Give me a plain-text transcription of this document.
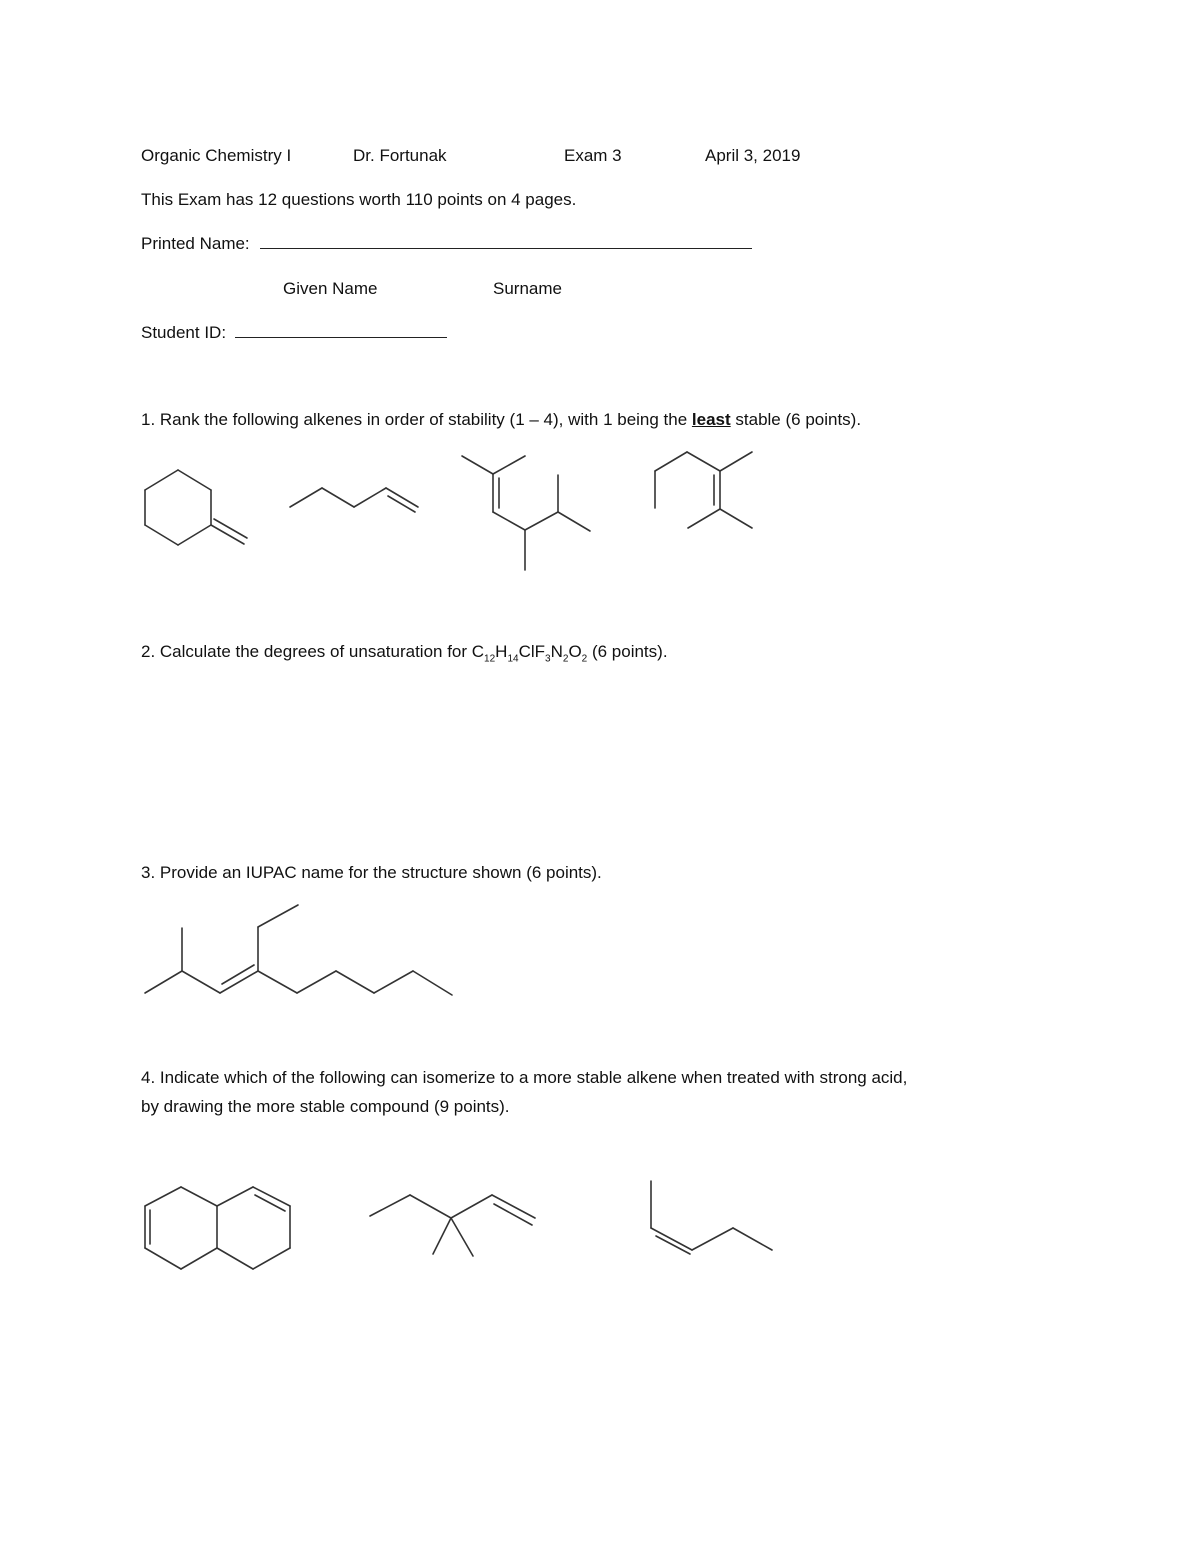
Organic Chemistry I	Dr. Fortunak	Exam 3	April 3, 2019
This Exam has 12 questions worth 110 points on 4 pages.
Printed Name:
Given Name	Surname
Student ID:
1. Rank the following alkenes in order of stability (1 – 4), with 1 being the least stable (6 points).
2. Calculate the degrees of unsaturation for $C_{12}H_{14}ClF_3N_2O_2$ (6 points).
3. Provide an IUPAC name for the structure shown (6 points).
4. Indicate which of the following can isomerize to a more stable alkene when treated with strong acid,
by drawing the more stable compound (9 points).
